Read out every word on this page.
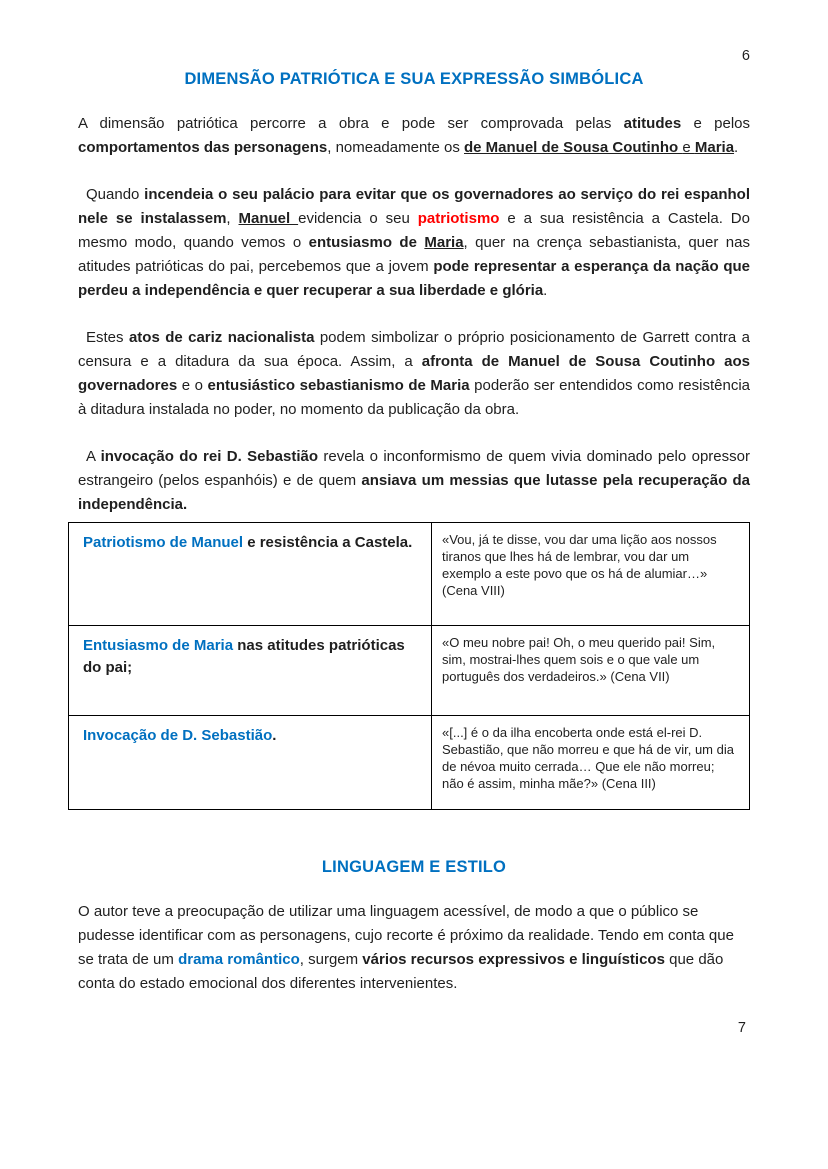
6
DIMENSÃO PATRIÓTICA E SUA EXPRESSÃO SIMBÓLICA

A dimensão patriótica percorre a obra e pode ser comprovada pelas atitudes e pelos comportamentos das personagens, nomeadamente os de Manuel de Sousa Coutinho e Maria.

Quando incendeia o seu palácio para evitar que os governadores ao serviço do rei espanhol nele se instalassem, Manuel evidencia o seu patriotismo e a sua resistência a Castela. Do mesmo modo, quando vemos o entusiasmo de Maria, quer na crença sebastianista, quer nas atitudes patrióticas do pai, percebemos que a jovem pode representar a esperança da nação que perdeu a independência e quer recuperar a sua liberdade e glória.

Estes atos de cariz nacionalista podem simbolizar o próprio posicionamento de Garrett contra a censura e a ditadura da sua época. Assim, a afronta de Manuel de Sousa Coutinho aos governadores e o entusiástico sebastianismo de Maria poderão ser entendidos como resistência à ditadura instalada no poder, no momento da publicação da obra.

A invocação do rei D. Sebastião revela o inconformismo de quem vivia dominado pelo opressor estrangeiro (pelos espanhóis) e de quem ansiava um messias que lutasse pela recuperação da independência.

Patriotismo de Manuel e resistência a Castela.	«Vou, já te disse, vou dar uma lição aos nossos tiranos que lhes há de lembrar, vou dar um exemplo a este povo que os há de alumiar…» (Cena VIII)
Entusiasmo de Maria nas atitudes patrióticas do pai;	«O meu nobre pai! Oh, o meu querido pai! Sim, sim, mostrai-lhes quem sois e o que vale um português dos verdadeiros.» (Cena VII)
Invocação de D. Sebastião.	«[...] é o da ilha encoberta onde está el-rei D. Sebastião, que não morreu e que há de vir, um dia de névoa muito cerrada… Que ele não morreu; não é assim, minha mãe?» (Cena III)
LINGUAGEM E ESTILO

O autor teve a preocupação de utilizar uma linguagem acessível, de modo a que o público se pudesse identificar com as personagens, cujo recorte é próximo da realidade. Tendo em conta que se trata de um drama romântico, surgem vários recursos expressivos e linguísticos que dão conta do estado emocional dos diferentes intervenientes.

7
